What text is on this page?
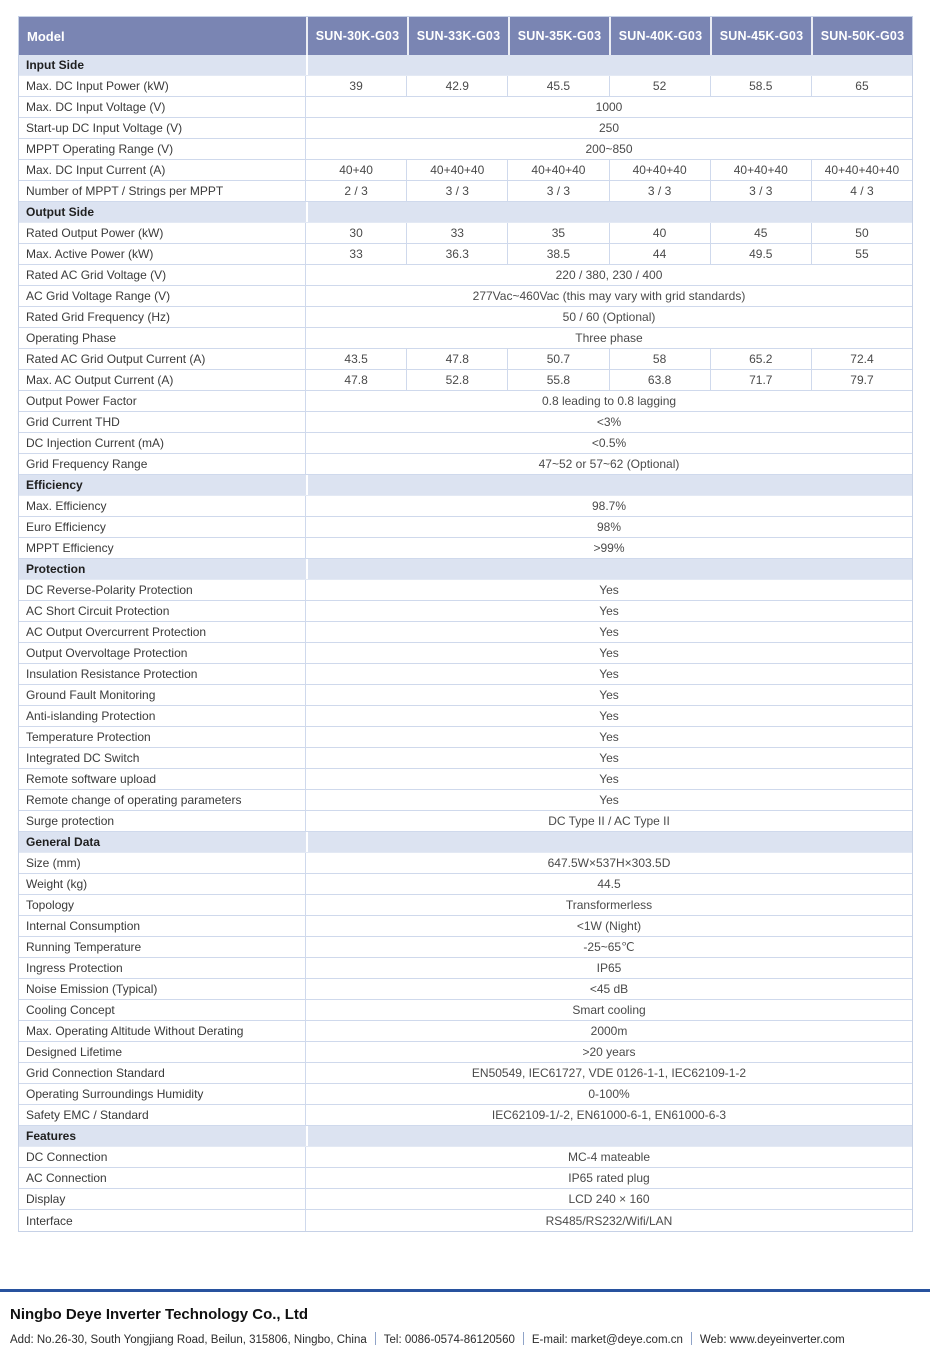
Model	SUN-30K-G03	SUN-33K-G03	SUN-35K-G03	SUN-40K-G03	SUN-45K-G03	SUN-50K-G03
Input Side
Max. DC Input Power (kW)	39	42.9	45.5	52	58.5	65
Max. DC Input Voltage (V)	1000
Start-up DC Input Voltage (V)	250
MPPT Operating Range (V)	200~850
Max. DC Input Current (A)	40+40	40+40+40	40+40+40	40+40+40	40+40+40	40+40+40+40
Number of MPPT / Strings per MPPT	2 / 3	3 / 3	3 / 3	3 / 3	3 / 3	4 / 3
Output Side
Rated Output Power (kW)	30	33	35	40	45	50
Max. Active Power (kW)	33	36.3	38.5	44	49.5	55
Rated AC Grid Voltage (V)	220 / 380, 230 / 400
AC Grid Voltage Range (V)	277Vac~460Vac (this may vary with grid standards)
Rated Grid Frequency (Hz)	50 / 60 (Optional)
Operating Phase	Three phase
Rated AC Grid Output Current (A)	43.5	47.8	50.7	58	65.2	72.4
Max. AC Output Current (A)	47.8	52.8	55.8	63.8	71.7	79.7
Output Power Factor	0.8 leading to 0.8 lagging
Grid Current THD	<3%
DC Injection Current (mA)	<0.5%
Grid Frequency Range	47~52 or 57~62 (Optional)
Efficiency
Max. Efficiency	98.7%
Euro Efficiency	98%
MPPT Efficiency	>99%
Protection
DC Reverse-Polarity Protection	Yes
AC Short Circuit Protection	Yes
AC Output Overcurrent Protection	Yes
Output Overvoltage Protection	Yes
Insulation Resistance Protection	Yes
Ground Fault Monitoring	Yes
Anti-islanding Protection	Yes
Temperature Protection	Yes
Integrated DC Switch	Yes
Remote software upload	Yes
Remote change of operating parameters	Yes
Surge protection	DC Type II / AC Type II
General Data
Size (mm)	647.5W×537H×303.5D
Weight (kg)	44.5
Topology	Transformerless
Internal Consumption	<1W (Night)
Running Temperature	-25~65℃
Ingress Protection	IP65
Noise Emission (Typical)	<45 dB
Cooling Concept	Smart cooling
Max. Operating Altitude Without Derating	2000m
Designed Lifetime	>20 years
Grid Connection Standard	EN50549, IEC61727, VDE 0126-1-1, IEC62109-1-2
Operating Surroundings Humidity	0-100%
Safety EMC / Standard	IEC62109-1/-2, EN61000-6-1, EN61000-6-3
Features
DC Connection	MC-4 mateable
AC Connection	IP65 rated plug
Display	LCD 240 × 160
Interface	RS485/RS232/Wifi/LAN
Ningbo Deye Inverter Technology Co., Ltd
Add: No.26-30, South Yongjiang Road, Beilun, 315806, Ningbo, China Tel: 0086-0574-86120560 E-mail: market@deye.com.cn Web: www.deyeinverter.com
